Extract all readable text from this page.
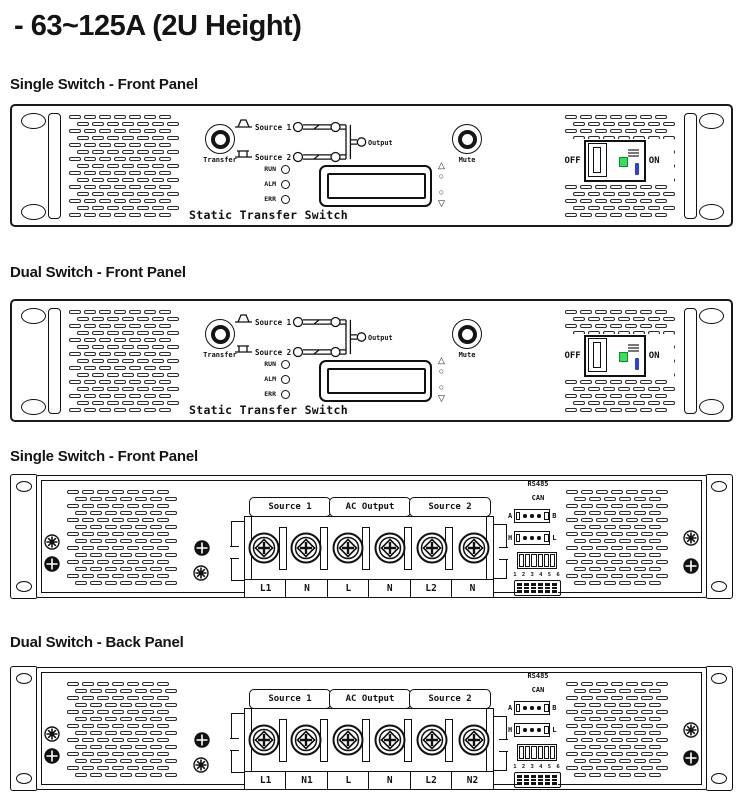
- 63~125A (2U Height)
Single Switch - Front Panel
Dual Switch - Front Panel
Single Switch - Front Panel
Dual Switch - Back Panel
Transfer
Source 1
Source 2
Output
RUN
ALM
ERR
Static Transfer Switch
△
○
○
▽
Mute	OFF	ON
Transfer
Source 1
Source 2
Output
RUN
ALM
ERR
Static Transfer Switch
△
○
○
▽
Mute	OFF	ON
Source 1	AC Output	Source 2
L1	N	L	N	L2	N
RS485
CAN
A	B
H	L
1 2 3 4 5 6
Source 1	AC Output	Source 2
L1	N1	L	N	L2	N2
RS485
CAN
A	B
H	L
1 2 3 4 5 6
